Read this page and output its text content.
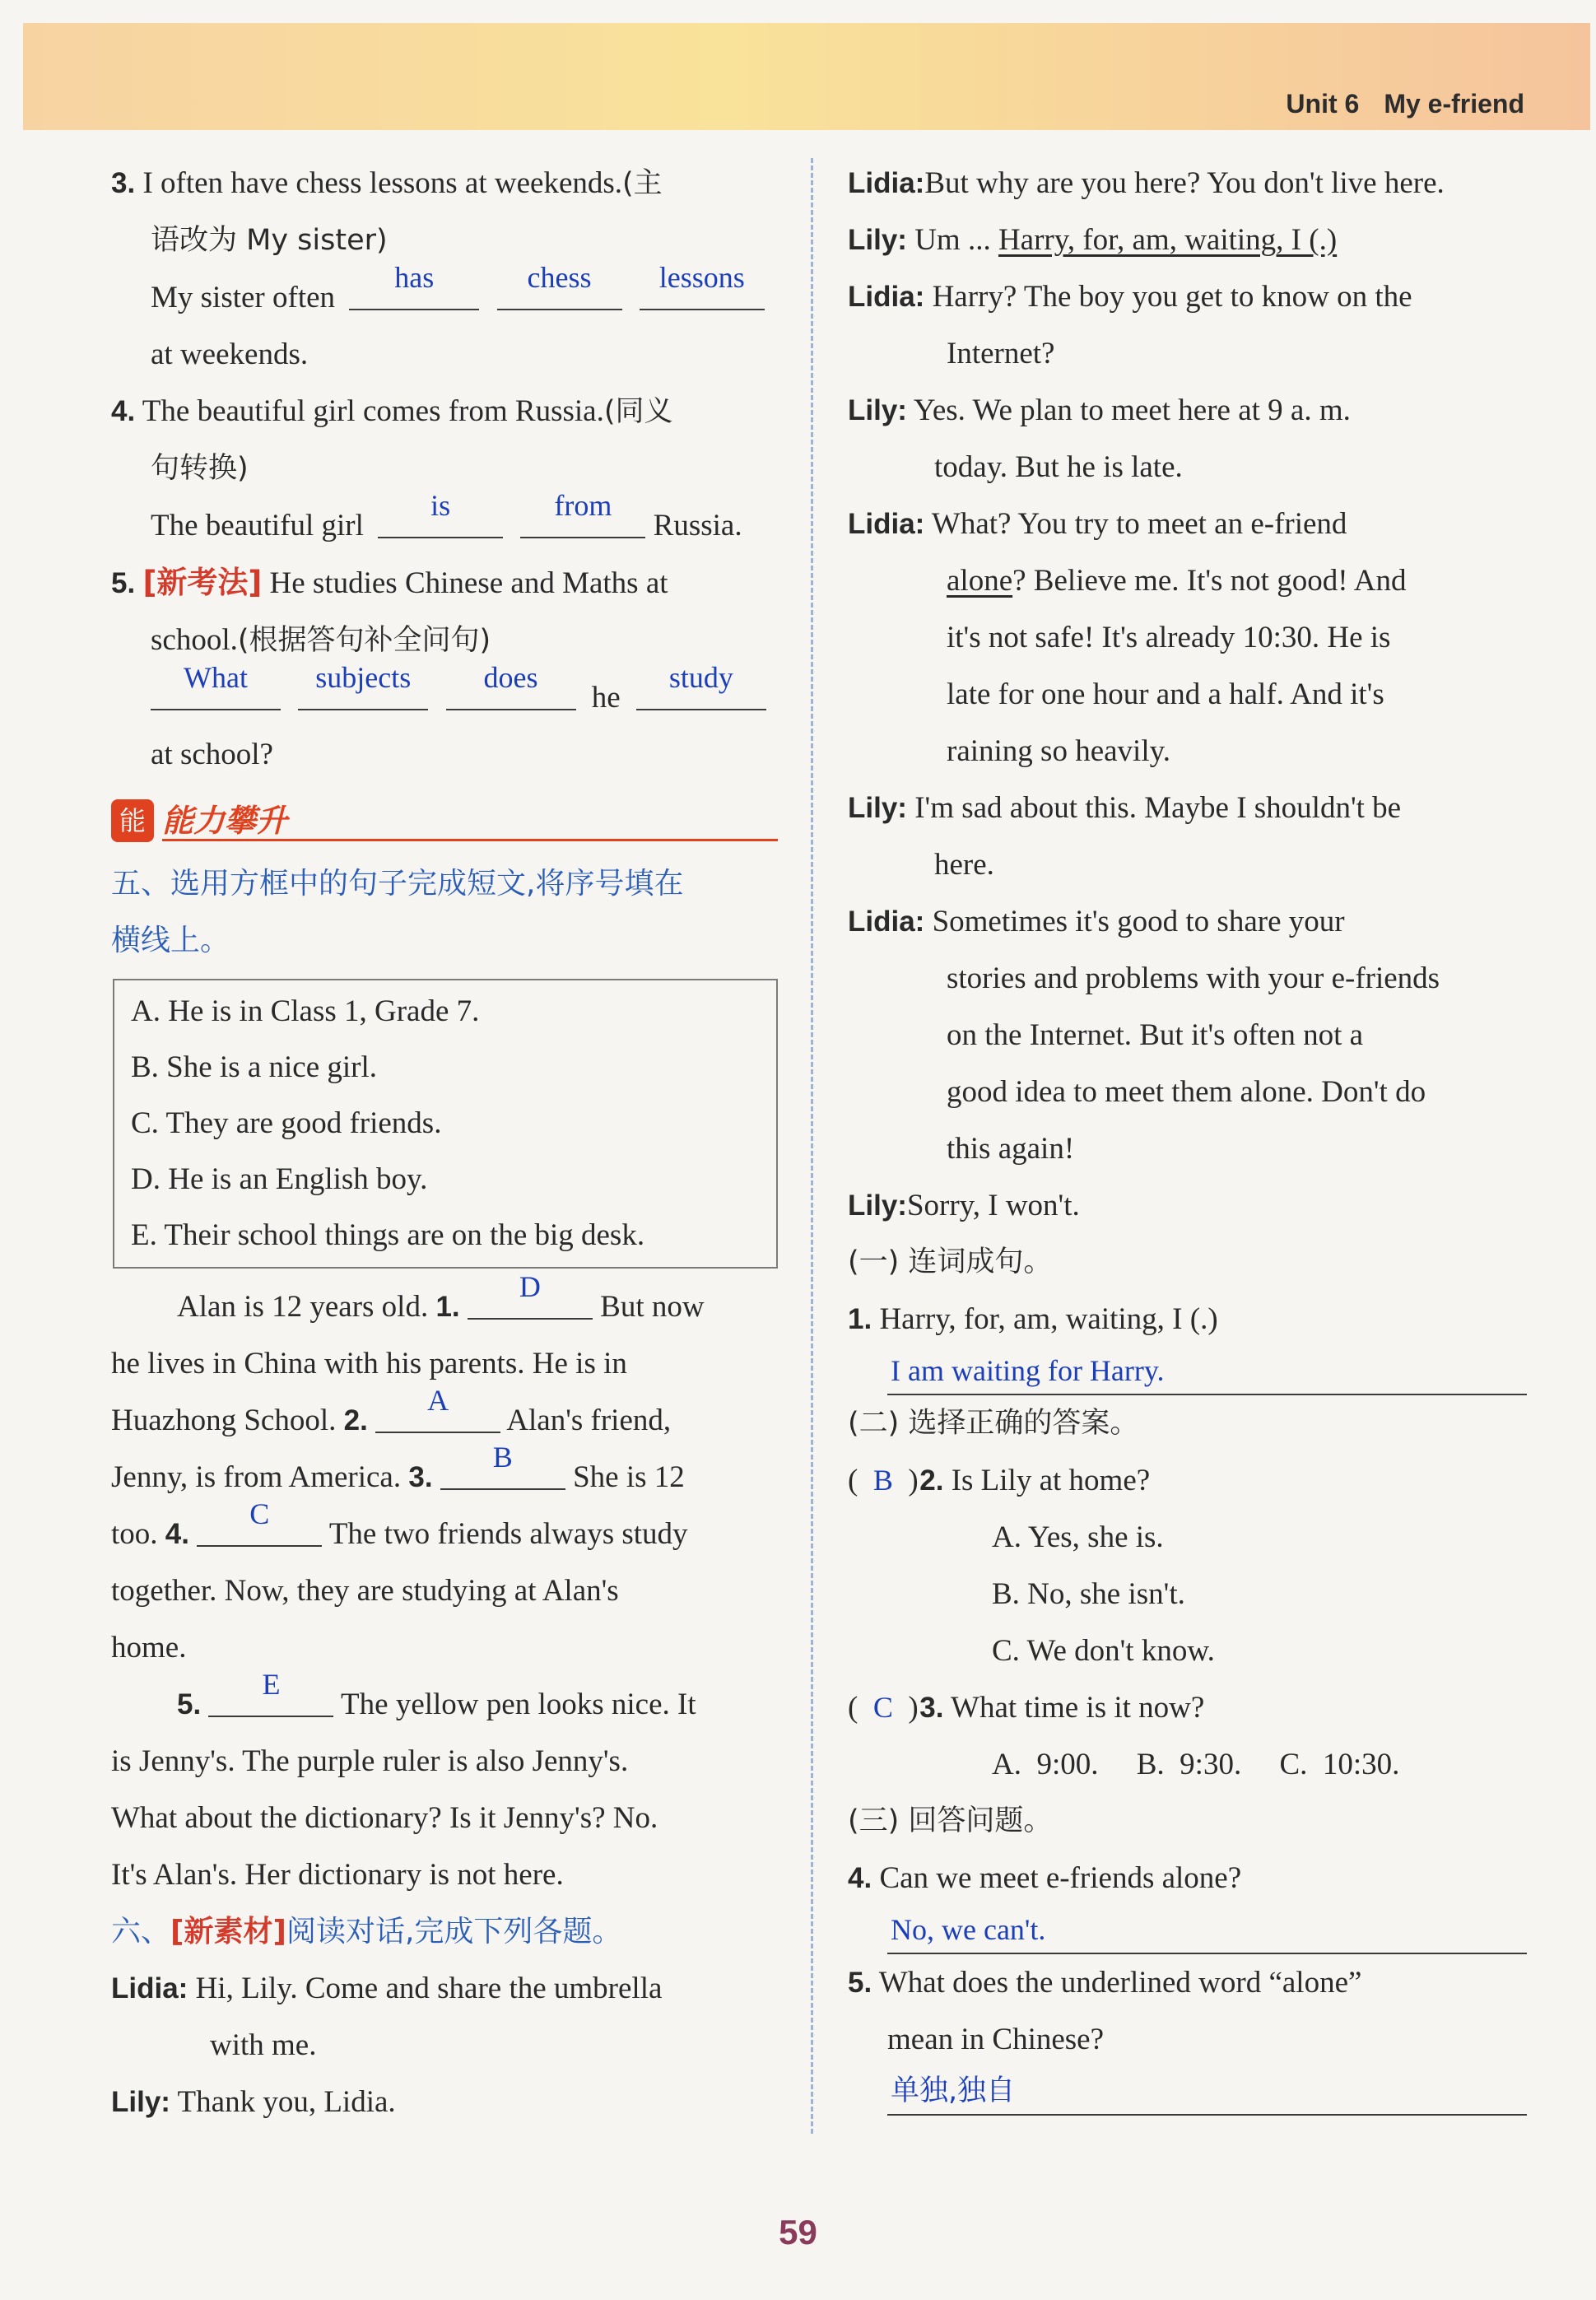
Unit 6 My e-friend
3. I often have chess lessons at weekends.(主
语改为 My sister)
My sister often has	chess lessons
at weekends.
4. The beautiful girl comes from Russia.(同义
句转换)
The beautiful girl is	from Russia.
5. [新考法] He studies Chinese and Maths at
school.(根据答句补全问句)
What subjects does he study
at school?
能 能力攀升
五、选用方框中的句子完成短文,将序号填在
横线上。
A. He is in Class 1, Grade 7.
B. She is a nice girl.
C. They are good friends.
D. He is an English boy.
E. Their school things are on the big desk.
Alan is 12 years old. 1. D But now
he lives in China with his parents. He is in
Huazhong School. 2. A Alan's friend,
Jenny, is from America. 3. B She is 12
too. 4. C The two friends always study
together. Now, they are studying at Alan's
home.
5. E The yellow pen looks nice. It
is Jenny's. The purple ruler is also Jenny's.
What about the dictionary? Is it Jenny's? No.
It's Alan's. Her dictionary is not here.
六、[新素材]阅读对话,完成下列各题。
Lidia: Hi, Lily. Come and share the umbrella
with me.
Lily: Thank you, Lidia.
Lidia:But why are you here? You don't live here.
Lily: Um ... Harry, for, am, waiting, I (.)
Lidia: Harry? The boy you get to know on the
Internet?
Lily: Yes. We plan to meet here at 9 a. m.
today. But he is late.
Lidia: What? You try to meet an e-friend
alone? Believe me. It's not good! And
it's not safe! It's already 10:30. He is
late for one hour and a half. And it's
raining so heavily.
Lily: I'm sad about this. Maybe I shouldn't be
here.
Lidia: Sometimes it's good to share your
stories and problems with your e-friends
on the Internet. But it's often not a
good idea to meet them alone. Don't do
this again!
Lily:Sorry, I won't.
(一) 连词成句。
1. Harry, for, am, waiting, I (.)
I am waiting for Harry.
(二) 选择正确的答案。
(  B  ) 2. Is Lily at home?
A. Yes, she is.
B. No, she isn't.
C. We don't know.
(  C  ) 3. What time is it now?
A.  9:00.     B.  9:30.     C.  10:30.
(三) 回答问题。
4. Can we meet e-friends alone?
No, we can't.
5. What does the underlined word “alone”
mean in Chinese?
单独,独自
59
